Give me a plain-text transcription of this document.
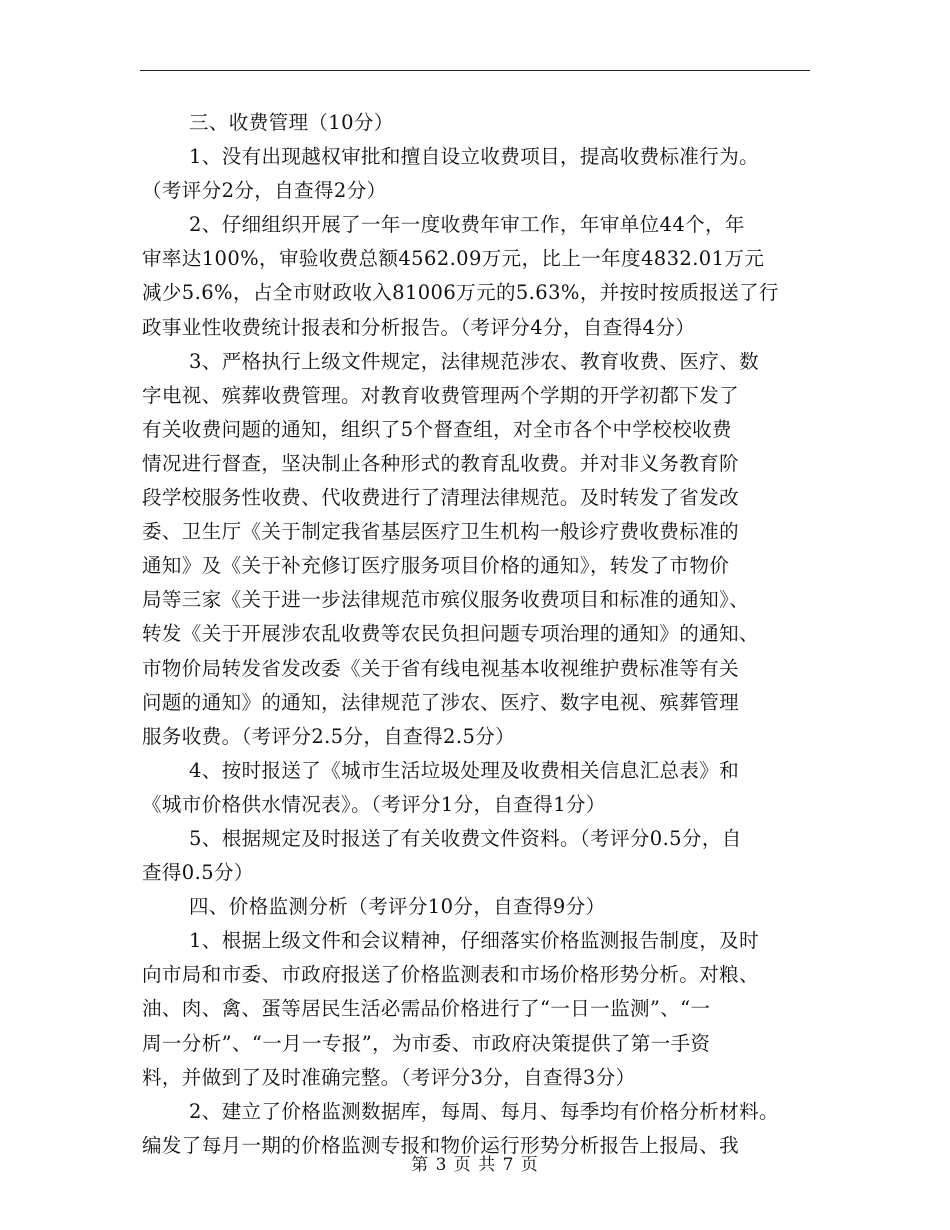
三、收费管理（10分）
1、没有出现越权审批和擅自设立收费项目，提高收费标准行为。
（考评分2分，自查得2分）
2、仔细组织开展了一年一度收费年审工作，年审单位44个，年
审率达100%，审验收费总额4562.09万元，比上一年度4832.01万元
减少5.6%，占全市财政收入81006万元的5.63%，并按时按质报送了行
政事业性收费统计报表和分析报告。（考评分4分，自查得4分）
3、严格执行上级文件规定，法律规范涉农、教育收费、医疗、数
字电视、殡葬收费管理。对教育收费管理两个学期的开学初都下发了
有关收费问题的通知，组织了5个督查组，对全市各个中学校校收费
情况进行督查，坚决制止各种形式的教育乱收费。并对非义务教育阶
段学校服务性收费、代收费进行了清理法律规范。及时转发了省发改
委、卫生厅《关于制定我省基层医疗卫生机构一般诊疗费收费标准的
通知》及《关于补充修订医疗服务项目价格的通知》，转发了市物价
局等三家《关于进一步法律规范市殡仪服务收费项目和标准的通知》、
转发《关于开展涉农乱收费等农民负担问题专项治理的通知》的通知、
市物价局转发省发改委《关于省有线电视基本收视维护费标准等有关
问题的通知》的通知，法律规范了涉农、医疗、数字电视、殡葬管理
服务收费。（考评分2.5分，自查得2.5分）
4、按时报送了《城市生活垃圾处理及收费相关信息汇总表》和
《城市价格供水情况表》。（考评分1分，自查得1分）
5、根据规定及时报送了有关收费文件资料。（考评分0.5分，自
查得0.5分）
四、价格监测分析（考评分10分，自查得9分）
1、根据上级文件和会议精神，仔细落实价格监测报告制度，及时
向市局和市委、市政府报送了价格监测表和市场价格形势分析。对粮、
油、肉、禽、蛋等居民生活必需品价格进行了“一日一监测”、“一
周一分析”、“一月一专报”，为市委、市政府决策提供了第一手资
料，并做到了及时准确完整。（考评分3分，自查得3分）
2、建立了价格监测数据库，每周、每月、每季均有价格分析材料。
编发了每月一期的价格监测专报和物价运行形势分析报告上报局、我
第 3 页 共 7 页
